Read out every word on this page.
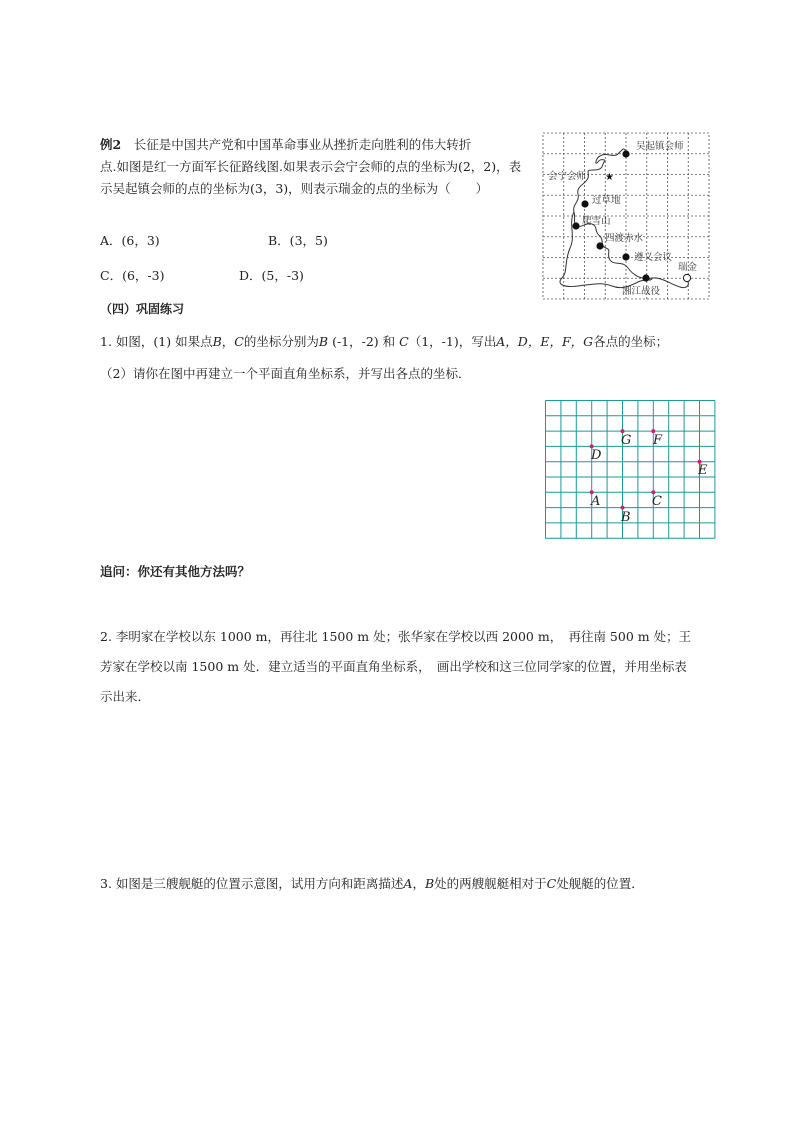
例2　 长征是中国共产党和中国革命事业从挫折走向胜利的伟大转折
点.如图是红一方面军长征路线图.如果表示会宁会师的点的坐标为(2，2)，表
示吴起镇会师的点的坐标为(3，3)，则表示瑞金的点的坐标为（　　）
A．(6，3)	B．(3，5)
C．(6，-3)	D．(5，-3)
吴起镇会师
★
会宁会师
过草地
爬雪山
四渡赤水
遵义会议
湘江战役
瑞金
（四）巩固练习
1. 如图，(1) 如果点B，C的坐标分别为B (-1，-2) 和 C（1，-1)，写出A，D，E，F，G各点的坐标；
（2）请你在图中再建立一个平面直角坐标系，并写出各点的坐标．
G F
D
E
A	C
B
追问：你还有其他方法吗？
2. 李明家在学校以东 1000 m，再往北 1500 m 处；张华家在学校以西 2000 m，　再往南 500 m 处；王
芳家在学校以南 1500 m 处．建立适当的平面直角坐标系，　画出学校和这三位同学家的位置，并用坐标表
示出来．
3. 如图是三艘舰艇的位置示意图，试用方向和距离描述A，B处的两艘舰艇相对于C处舰艇的位置．
